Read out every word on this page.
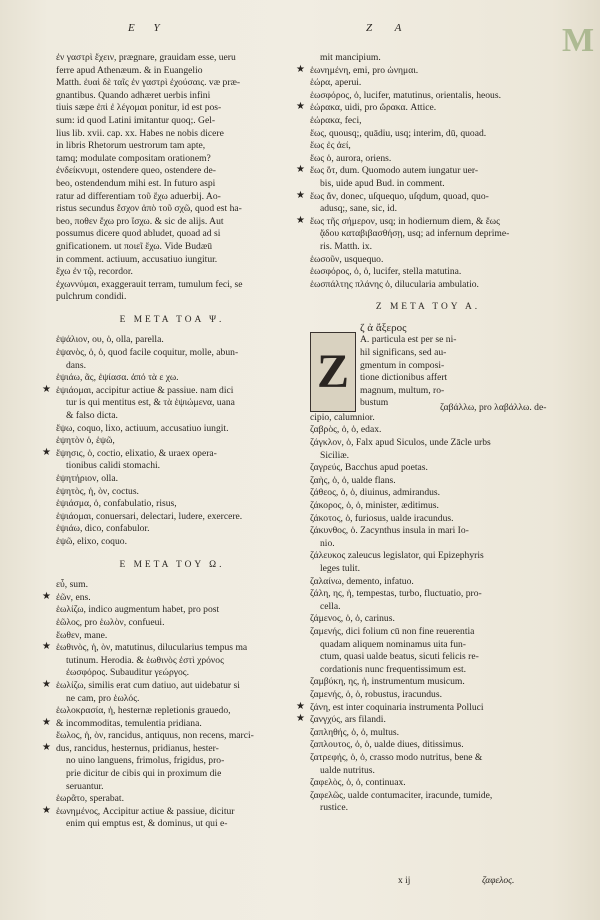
E Y	Z A	M
ἐν γαστρὶ ἔχειν, prægnare, grauidam esse, ueru
ferre apud Athenæum. & in Euangelio
Matth. ἐυαὶ δὲ ταῖς ἐν γαστρὶ ἐχούσαις. væ præ-
gnantibus. Quando adhæret uerbis infini
tiuis sæpe ἐπὶ ἐ λέγομαι ponitur, id est pos-
sum: id quod Latini imitantur quoq;. Gel-
lius lib. xvii. cap. xx. Habes ne nobis dicere
in libris Rhetorum uestrorum tam apte,
tamq; modulate compositam orationem?
ἐνδείκνυμι, ostendere queo, ostendere de-
beo, ostendendum mihi est. In futuro aspi
ratur ad differentiam τοῦ ἔχω aduerbij. Ao-
ristus secundus ἔσχον ἀπὸ τοῦ σχῶ, quod est ha-
beo, ποθεν ἔχω pro ἴσχω. & sic de alijs. Aut
possumus dicere quod abludet, quoad ad si
gnificationem. ut ποιεῖ ἔχω. Vide Budæū
in comment. actiuum, accusatiuo iungitur.
ἔχω ἐν τῷ, recordor.
ἐχωννύμαι, exaggerauit terram, tumulum feci, se
pulchrum condidi.
E META TOA Ψ.
ἑψάλιον, ου, ὁ, olla, parella.
ἑψανὸς, ὁ, ὁ, quod facile coquitur, molle, abun-
dans.
ἑψιάω, ᾶς, ἐψίασα. ἀπό τὰ ε χω.
★ ἑψιάομαι, accipitur actiue & passiue. nam dici
tur is qui mentitus est, & τὰ ἑψιώμενα, uana
& falso dicta.
ἕψω, coquo, lixo, actiuum, accusatiuo iungit.
ἑψητὸν ὁ, ἑψῶ,
★ ἕψησις, ὁ, coctio, elixatio, & uraex opera-
tionibus calidi stomachi.
ἑψητήριον, olla.
ἑψητὸς, ἡ, ὸν, coctus.
ἑψιάσμα, ὁ, confabulatio, risus,
ἑψιάομαι, conuersari, delectari, ludere, exercere.
ἑψιάω, dico, confabulor.
ἑψῶ, elixo, coquo.
E META TOY Ω.
εὖ, sum.
★ ἐῶν, ens.
ἑωλίζω, indico augmentum habet, pro post
ἑῶλος, pro ἑωλὸν, confueui.
ἕωθεν, mane.
★ ἑωθινὸς, ἡ, ὸν, matutinus, dilucularius tempus ma
tutinum. Herodia. & ἑωθινὸς ἐστὶ χρόνος
ἐωσφόρος. Subauditur γεώργος.
★ ἑωλίζω, similis erat cum datiuo, aut uidebatur si
ne cam, pro ἑωλός.
ἑωλοκρασία, ἡ, hesternæ repletionis grauedo,
★ & incommoditas, temulentia pridiana.
ἕωλος, ἡ, ὸν, rancidus, antiquus, non recens, marci-
★ dus, rancidus, hesternus, pridianus, hester-
no uino languens, frimolus, frigidus, pro-
prie dicitur de cibis qui in proximum die
seruantur.
ἑωρᾶτο, sperabat.
★ ἑωνημένος, Accipitur actiue & passiue, dicitur
enim qui emptus est, & dominus, ut qui e-
mit mancipium.
★ ἑωνημένη, emi, pro ὠνημαι.
ἑώρα, aperui.
ἑωσφόρος, ὁ, lucifer, matutinus, orientalis, heous.
★ ἑώρακα, uidi, pro ὤρακα. Attice.
ἑώρακα, feci,
ἕως, quousq;, quādiu, usq; interim, dū, quoad.
ἕως ἐς ἀεί,
ἕως ὁ, aurora, oriens.
★ ἕως ὅτ, dum. Quomodo autem iungatur uer-
bis, uide apud Bud. in comment.
★ ἕως ἄν, donec, uſquequo, uſqdum, quoad, quo-
adusq;, sane, sic, id.
★ ἕως τῆς σήμερον, usq; in hodiernum diem, & ἕως
ᾅδου καταβιβασθήσῃ, usq; ad infernum deprime-
ris. Matth. ix.
ἑωσοῦν, usquequo.
ἑωσφόρος, ὁ, ὁ, lucifer, stella matutina.
ἑωσπάλτης πλάνης ὁ, diluculariа ambulatio.
Z META TOY A.
Z
ζ ἀ ἄξερος
A. particula est per se ni-
hil significans, sed au-
gmentum in composi-
tione dictionibus affert
magnum, multum, ro-
bustum	ζαβάλλω, pro λαβάλλω. de-
cipio, calumnior.
ζαβρὸς, ὁ, ὁ, edax.
ζάγκλον, ὁ, Falx apud Siculos, unde Zācle urbs
Siciliæ.
ζαγρεύς, Bacchus apud poetas.
ζαὴς, ὁ, ὁ, ualde flans.
ζάθεος, ὁ, ὁ, diuinus, admirandus.
ζάκορος, ὁ, ὁ, minister, æditimus.
ζάκοτος, ὁ, furiosus, ualde iracundus.
ζάκυνθος, ὁ. Zacynthus insula in mari Io-
nio.
ζάλευκος zaleucus legislator, qui Epizephyris
leges tulit.
ζαλαίνω, demento, infatuo.
ζάλη, ης, ἡ, tempestas, turbo, fluctuatio, pro-
cella.
ζάμενος, ὁ, ὁ, carinus.
ζαμενής, dici folium cū non fine reuerentia
quadam aliquem nominamus uita fun-
ctum, quasi ualde beatus, sicuti felicis re-
cordationis nunc frequentissimum est.
ζαμβύκη, ης, ἡ, instrumentum musicum.
ζαμενής, ὁ, ὁ, robustus, iracundus.
★ ζάνη, est inter coquinaria instrumenta Polluci
★ ζανγχύς, ars filandi.
ζαπληθής, ὁ, ὁ, multus.
ζαπλουτος, ὁ, ὁ, ualde diues, ditissimus.
ζατρεφής, ὁ, ὁ, crasso modo nutritus, bene &
ualde nutritus.
ζαφελὸς, ὁ, ὁ, continuax.
ζαφελῶς, ualde contumaciter, iracunde, tumide,
rustice.
x ij	ζαφελος.
